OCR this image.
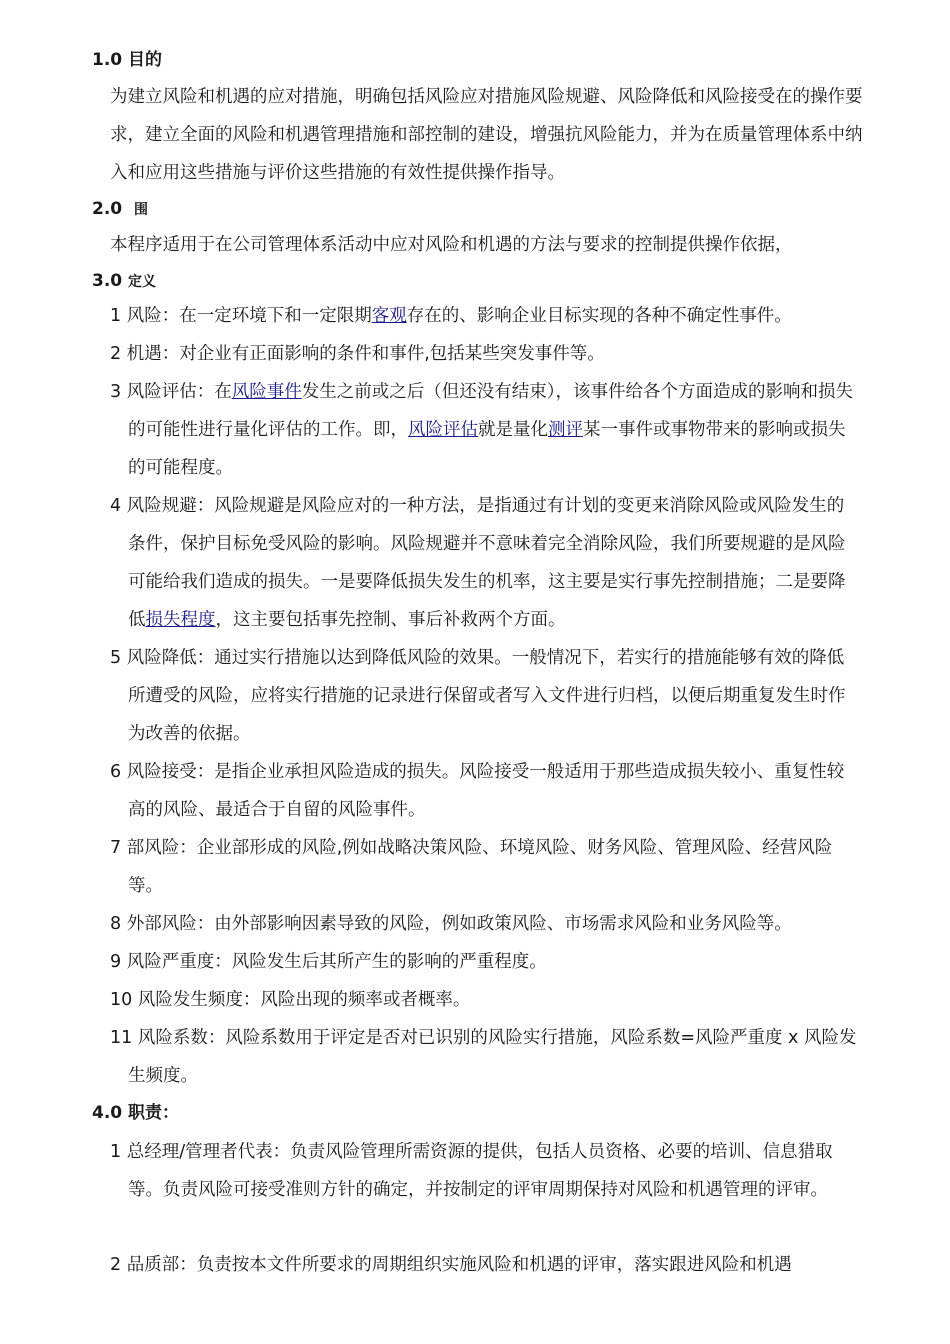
1.0 目的
为建立风险和机遇的应对措施，明确包括风险应对措施风险规避、风险降低和风险接受在的操作要求，建立全面的风险和机遇管理措施和部控制的建设，增强抗风险能力，并为在质量管理体系中纳入和应用这些措施与评价这些措施的有效性提供操作指导。
2.0 围
本程序适用于在公司管理体系活动中应对风险和机遇的方法与要求的控制提供操作依据，
3.0 定义
1 风险：在一定环境下和一定限期客观存在的、影响企业目标实现的各种不确定性事件。
2 机遇：对企业有正面影响的条件和事件,包括某些突发事件等。
3 风险评估：在风险事件发生之前或之后（但还没有结束），该事件给各个方面造成的影响和损失的可能性进行量化评估的工作。即，风险评估就是量化测评某一事件或事物带来的影响或损失的可能程度。
4 风险规避：风险规避是风险应对的一种方法，是指通过有计划的变更来消除风险或风险发生的条件，保护目标免受风险的影响。风险规避并不意味着完全消除风险，我们所要规避的是风险可能给我们造成的损失。一是要降低损失发生的机率，这主要是实行事先控制措施；二是要降低损失程度，这主要包括事先控制、事后补救两个方面。
5 风险降低：通过实行措施以达到降低风险的效果。一般情况下，若实行的措施能够有效的降低所遭受的风险，应将实行措施的记录进行保留或者写入文件进行归档，以便后期重复发生时作为改善的依据。
6 风险接受：是指企业承担风险造成的损失。风险接受一般适用于那些造成损失较小、重复性较高的风险、最适合于自留的风险事件。
7 部风险：企业部形成的风险,例如战略决策风险、环境风险、财务风险、管理风险、经营风险等。
8 外部风险：由外部影响因素导致的风险，例如政策风险、市场需求风险和业务风险等。
9 风险严重度：风险发生后其所产生的影响的严重程度。
10 风险发生频度：风险出现的频率或者概率。
11 风险系数：风险系数用于评定是否对已识别的风险实行措施，风险系数=风险严重度 x 风险发生频度。
4.0 职责：
1 总经理/管理者代表：负责风险管理所需资源的提供，包括人员资格、必要的培训、信息猎取等。负责风险可接受准则方针的确定，并按制定的评审周期保持对风险和机遇管理的评审。
2 品质部：负责按本文件所要求的周期组织实施风险和机遇的评审，落实跟进风险和机遇
